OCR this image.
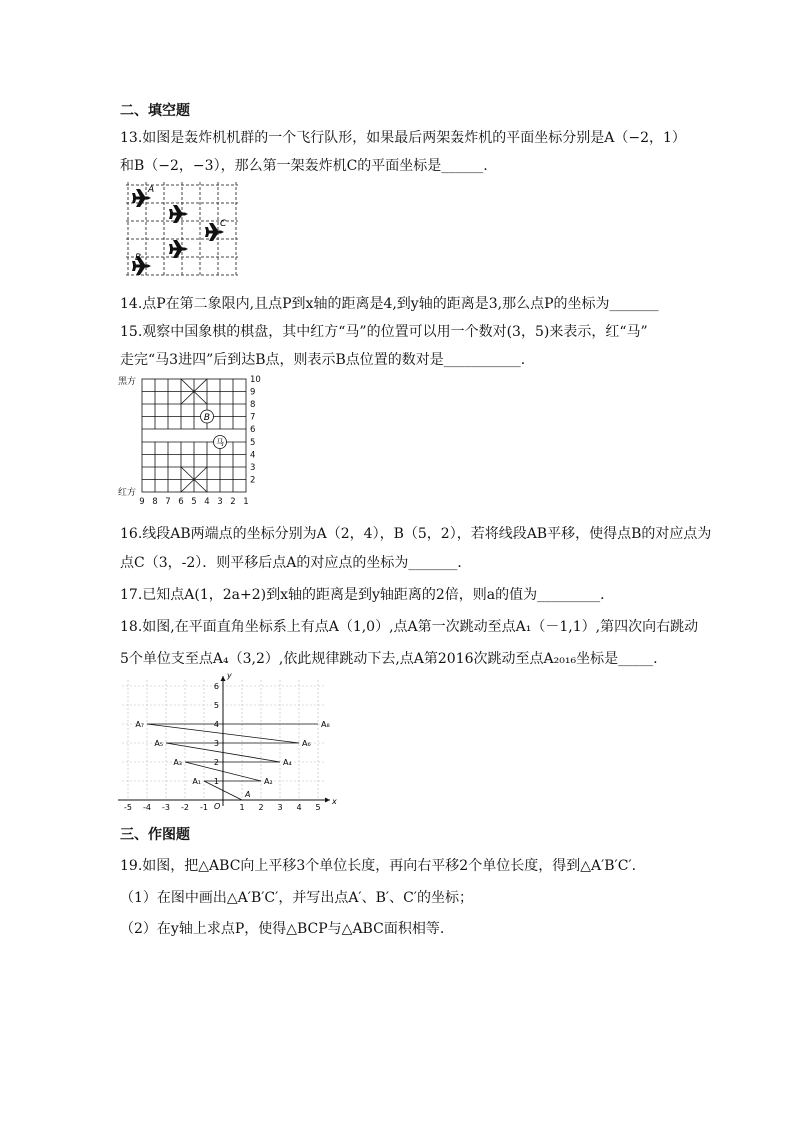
二、填空题
13.如图是轰炸机机群的一个飞行队形，如果最后两架轰炸机的平面坐标分别是A（−2，1）
和B（−2，−3），那么第一架轰炸机C的平面坐标是______.
A
C
B
14.点P在第二象限内,且点P到x轴的距离是4,到y轴的距离是3,那么点P的坐标为_______
15.观察中国象棋的棋盘，其中红方“马”的位置可以用一个数对(3，5)来表示，红“马”
走完“马3进四”后到达B点，则表示B点位置的数对是___________.
黑方
红方
B
马
10
9
8
7
6
5
4
3
2
9 8 7 6 5 4 3 2 1
16.线段AB两端点的坐标分别为A（2，4），B（5，2），若将线段AB平移，使得点B的对应点为
点C（3，-2）．则平移后点A的对应点的坐标为_______．
17.已知点A(1，2a+2)到x轴的距离是到y轴距离的2倍，则a的值为_________．
18.如图,在平面直角坐标系上有点A（1,0）,点A第一次跳动至点A₁（－1,1）,第四次向右跳动
5个单位支至点A₄（3,2）,依此规律跳动下去,点A第2016次跳动至点A₂₀₁₆坐标是_____.
x
y
O
-5 -4 -3 -2 -1	1 2 3 4 5
1
2
3
4
5
6
A
A₁	A₂
A₃	A₄
A₅	A₆
A₇	A₈
三、作图题
19.如图，把△ABC向上平移3个单位长度，再向右平移2个单位长度，得到△A′B′C′.
（1）在图中画出△A′B′C′，并写出点A′、B′、C′的坐标；
（2）在y轴上求点P，使得△BCP与△ABC面积相等.
